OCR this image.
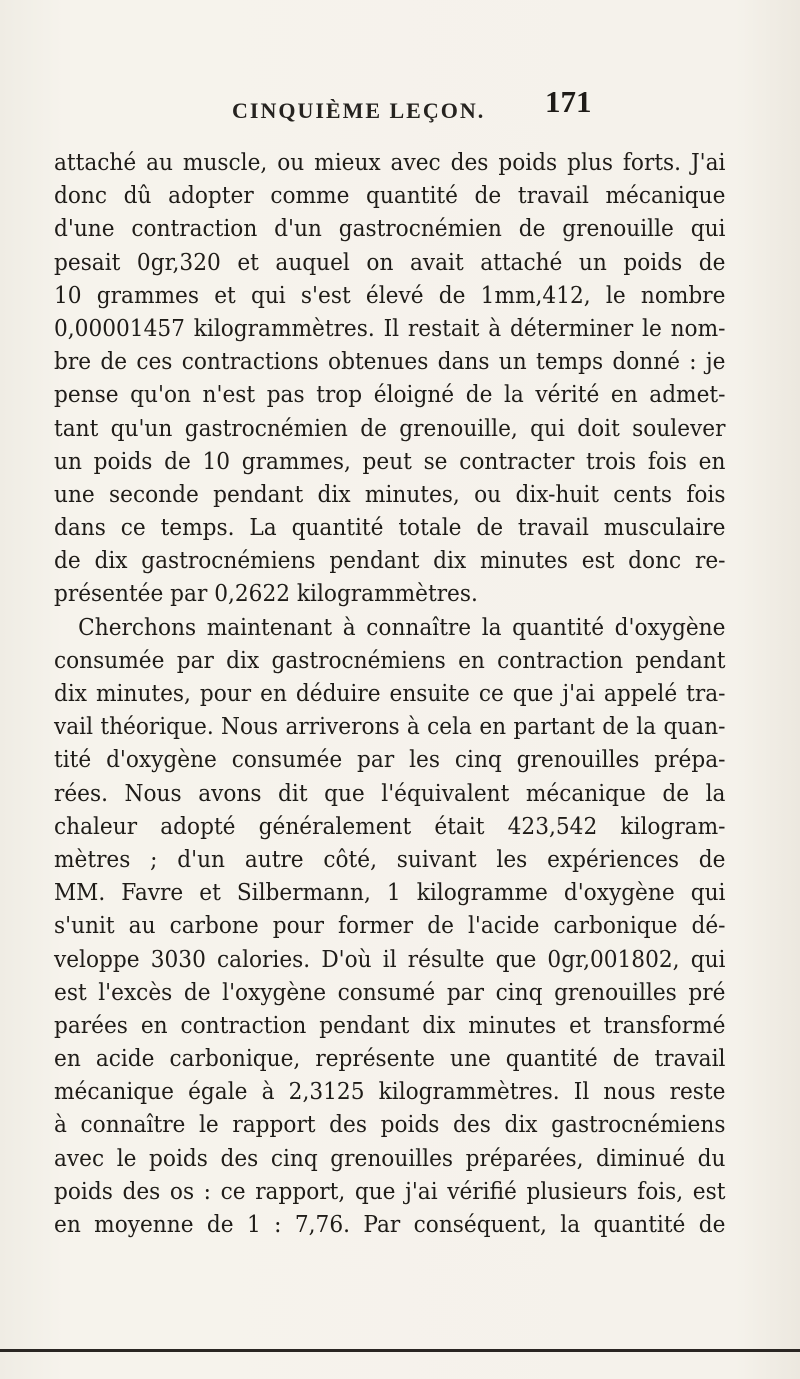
CINQUIÈME LEÇON. 171
attaché au muscle, ou mieux avec des poids plus forts. J'ai
donc dû adopter comme quantité de travail mécanique
d'une contraction d'un gastrocnémien de grenouille qui
pesait 0gr,320 et auquel on avait attaché un poids de
10 grammes et qui s'est élevé de 1mm,412, le nombre
0,00001457 kilogrammètres. Il restait à déterminer le nom-
bre de ces contractions obtenues dans un temps donné : je
pense qu'on n'est pas trop éloigné de la vérité en admet-
tant qu'un gastrocnémien de grenouille, qui doit soulever
un poids de 10 grammes, peut se contracter trois fois en
une seconde pendant dix minutes, ou dix-huit cents fois
dans ce temps. La quantité totale de travail musculaire
de dix gastrocnémiens pendant dix minutes est donc re-
présentée par 0,2622 kilogrammètres.
Cherchons maintenant à connaître la quantité d'oxygène
consumée par dix gastrocnémiens en contraction pendant
dix minutes, pour en déduire ensuite ce que j'ai appelé tra-
vail théorique. Nous arriverons à cela en partant de la quan-
tité d'oxygène consumée par les cinq grenouilles prépa-
rées. Nous avons dit que l'équivalent mécanique de la
chaleur adopté généralement était 423,542 kilogram-
mètres ; d'un autre côté, suivant les expériences de
MM. Favre et Silbermann, 1 kilogramme d'oxygène qui
s'unit au carbone pour former de l'acide carbonique dé-
veloppe 3030 calories. D'où il résulte que 0gr,001802, qui
est l'excès de l'oxygène consumé par cinq grenouilles pré
parées en contraction pendant dix minutes et transformé
en acide carbonique, représente une quantité de travail
mécanique égale à 2,3125 kilogrammètres. Il nous reste
à connaître le rapport des poids des dix gastrocnémiens
avec le poids des cinq grenouilles préparées, diminué du
poids des os : ce rapport, que j'ai vérifié plusieurs fois, est
en moyenne de 1 : 7,76. Par conséquent, la quantité de
